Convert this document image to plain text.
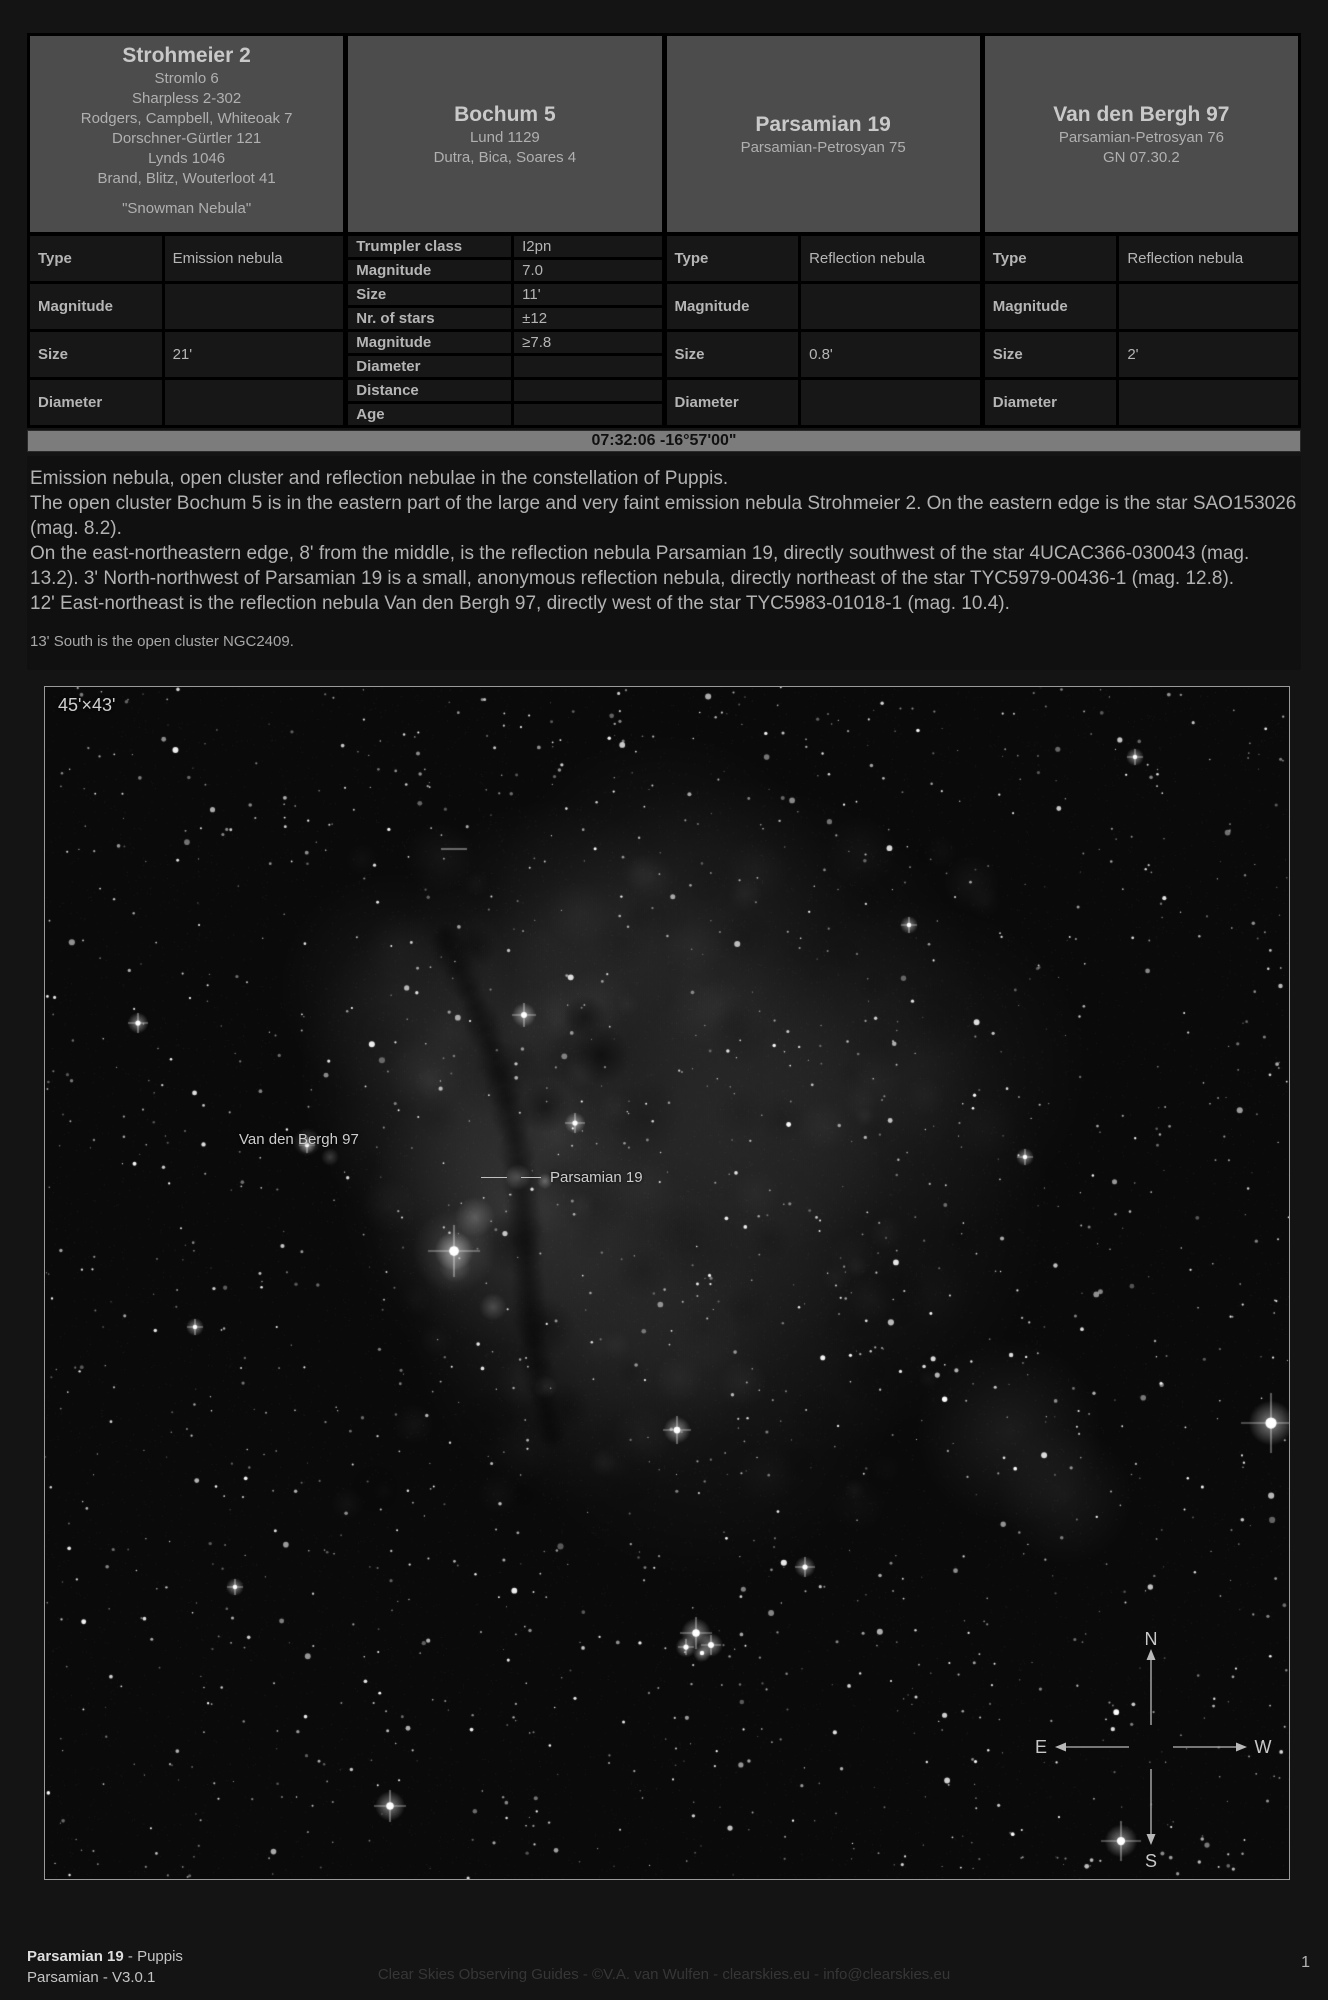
Strohmeier 2
Stromlo 6
Sharpless 2-302
Rodgers, Campbell, Whiteoak 7
Dorschner-Gürtler 121
Lynds 1046
Brand, Blitz, Wouterloot 41
"Snowman Nebula"
Type	Emission nebula
Magnitude
Size	21'
Diameter
Bochum 5
Lund 1129
Dutra, Bica, Soares 4
Trumpler class	I2pn
Magnitude	7.0
Size	11'
Nr. of stars	±12
Magnitude	≥7.8
Diameter
Distance
Age
Parsamian 19
Parsamian-Petrosyan 75
Type	Reflection nebula
Magnitude
Size	0.8'
Diameter
Van den Bergh 97
Parsamian-Petrosyan 76
GN 07.30.2
Type	Reflection nebula
Magnitude
Size	2'
Diameter
07:32:06 -16°57'00"

Emission nebula, open cluster and reflection nebulae in the constellation of Puppis.

The open cluster Bochum 5 is in the eastern part of the large and very faint emission nebula Strohmeier 2. On the eastern edge is the star SAO153026 (mag. 8.2).

On the east-northeastern edge, 8' from the middle, is the reflection nebula Parsamian 19, directly southwest of the star 4UCAC366-030043 (mag. 13.2). 3' North-northwest of Parsamian 19 is a small, anonymous reflection nebula, directly northeast of the star TYC5979-00436-1 (mag. 12.8).

12' East-northeast is the reflection nebula Van den Bergh 97, directly west of the star TYC5983-01018-1 (mag. 10.4).

13' South is the open cluster NGC2409.

45'×43'
Van den Bergh 97
Parsamian 19
N
S
E	W
Parsamian 19 - Puppis
Parsamian - V3.0.1	Clear Skies Observing Guides - ©V.A. van Wulfen - clearskies.eu - info@clearskies.eu
1
